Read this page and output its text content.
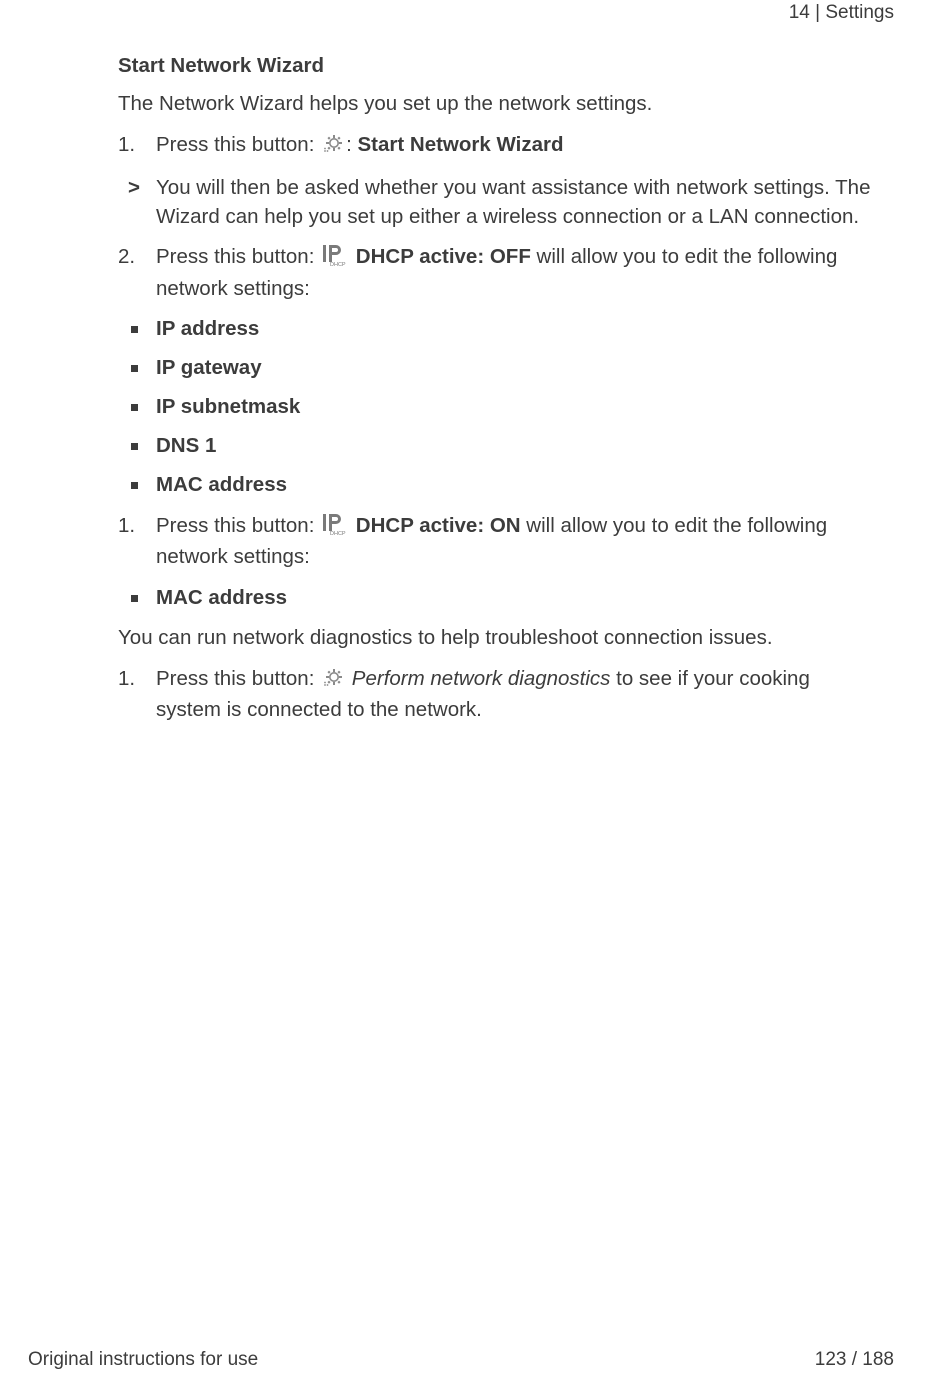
14 | Settings
Start Network Wizard

The Network Wizard helps you set up the network settings.

1.	Press this button: : Start Network Wizard
> You will then be asked whether you want assistance with network settings. The Wizard can help you set up either a wireless connection or a LAN connection.
2.	Press this button: DHCP DHCP active: OFF will allow you to edit the following network settings:
IP address
IP gateway
IP subnetmask
DNS 1
MAC address
1.	Press this button: DHCP DHCP active: ON will allow you to edit the following network settings:
MAC address

You can run network diagnostics to help troubleshoot connection issues.

1.	Press this button:  Perform network diagnostics to see if your cooking system is connected to the network.
Original instructions for use	123 / 188
